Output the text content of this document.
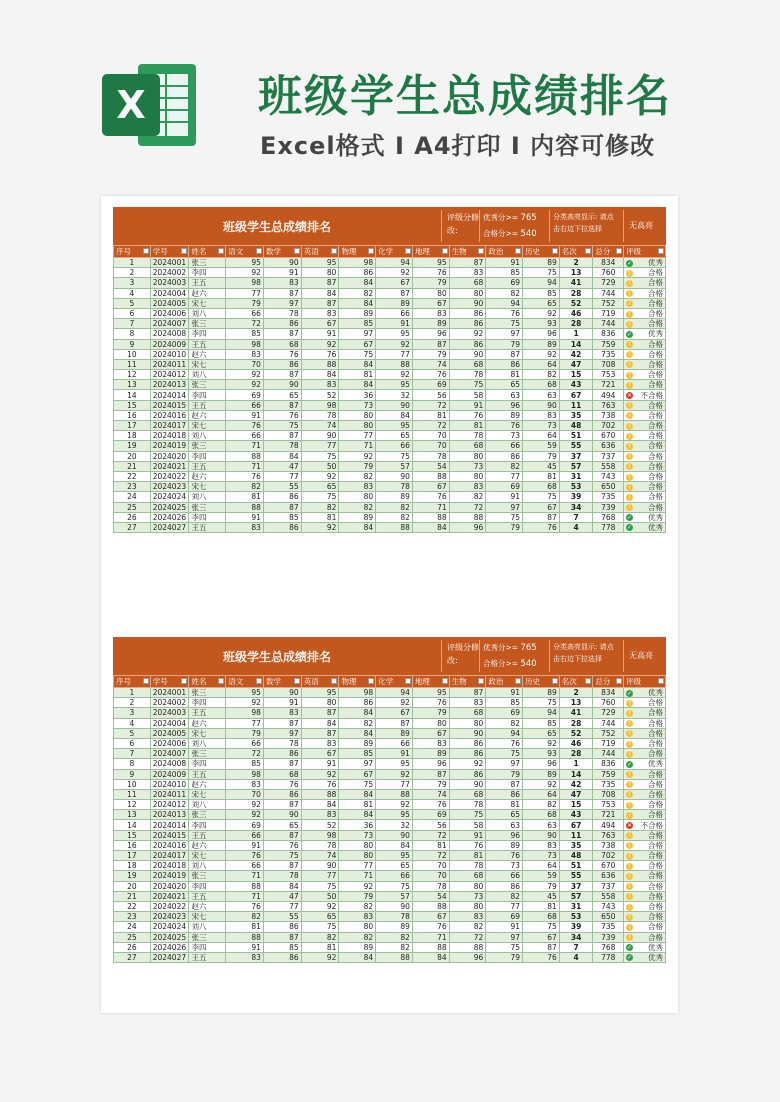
X	班级学生总成绩排名
Excel格式 I A4打印 I 内容可修改
班级学生总成绩排名
评级分修改:
优秀分>= 765
合格分>= 540
分类高亮显示: 请点
击右边下拉选择	无高亮
序号	学号	姓名	语文	数学	英语	物理	化学	地理	生物	政治	历史	名次	总分	评级

1	2024001	张三	95	90	95	98	94	95	87	91	89	2	834	✓ 优秀

2	2024002	李四	92	91	80	86	92	76	83	85	75	13	760	! 合格

3	2024003	王五	98	83	87	84	67	79	68	69	94	41	729	! 合格

4	2024004	赵六	77	87	84	82	87	80	80	82	85	28	744	! 合格

5	2024005	宋七	79	97	87	84	89	67	90	94	65	52	752	! 合格

6	2024006	刘八	66	78	83	89	66	83	86	76	92	46	719	! 合格

7	2024007	张三	72	86	67	85	91	89	86	75	93	28	744	! 合格

8	2024008	李四	85	87	91	97	95	96	92	97	96	1	836	✓ 优秀

9	2024009	王五	98	68	92	67	92	87	86	79	89	14	759	! 合格

10	2024010	赵六	83	76	76	75	77	79	90	87	92	42	735	! 合格

11	2024011	宋七	70	86	88	84	88	74	68	86	64	47	708	! 合格

12	2024012	刘八	92	87	84	81	92	76	78	81	82	15	753	! 合格

13	2024013	张三	92	90	83	84	95	69	75	65	68	43	721	! 合格

14	2024014	李四	69	65	52	36	32	56	58	63	63	67	494	✕ 不合格

15	2024015	王五	66	87	98	73	90	72	91	96	90	11	763	! 合格

16	2024016	赵六	91	76	78	80	84	81	76	89	83	35	738	! 合格

17	2024017	宋七	76	75	74	80	95	72	81	76	73	48	702	! 合格

18	2024018	刘八	66	87	90	77	65	70	78	73	64	51	670	! 合格

19	2024019	张三	71	78	77	71	66	70	68	66	59	55	636	! 合格

20	2024020	李四	88	84	75	92	75	78	80	86	79	37	737	! 合格

21	2024021	王五	71	47	50	79	57	54	73	82	45	57	558	! 合格

22	2024022	赵六	76	77	92	82	90	88	80	77	81	31	743	! 合格

23	2024023	宋七	82	55	65	83	78	67	83	69	68	53	650	! 合格

24	2024024	刘八	81	86	75	80	89	76	82	91	75	39	735	! 合格

25	2024025	张三	88	87	82	82	82	71	72	97	67	34	739	! 合格

26	2024026	李四	91	85	81	89	82	88	88	75	87	7	768	✓ 优秀

27	2024027	王五	83	86	92	84	88	84	96	79	76	4	778	✓ 优秀
班级学生总成绩排名
评级分修改:
优秀分>= 765
合格分>= 540
分类高亮显示: 请点
击右边下拉选择	无高亮
序号	学号	姓名	语文	数学	英语	物理	化学	地理	生物	政治	历史	名次	总分	评级

1	2024001	张三	95	90	95	98	94	95	87	91	89	2	834	✓ 优秀

2	2024002	李四	92	91	80	86	92	76	83	85	75	13	760	! 合格

3	2024003	王五	98	83	87	84	67	79	68	69	94	41	729	! 合格

4	2024004	赵六	77	87	84	82	87	80	80	82	85	28	744	! 合格

5	2024005	宋七	79	97	87	84	89	67	90	94	65	52	752	! 合格

6	2024006	刘八	66	78	83	89	66	83	86	76	92	46	719	! 合格

7	2024007	张三	72	86	67	85	91	89	86	75	93	28	744	! 合格

8	2024008	李四	85	87	91	97	95	96	92	97	96	1	836	✓ 优秀

9	2024009	王五	98	68	92	67	92	87	86	79	89	14	759	! 合格

10	2024010	赵六	83	76	76	75	77	79	90	87	92	42	735	! 合格

11	2024011	宋七	70	86	88	84	88	74	68	86	64	47	708	! 合格

12	2024012	刘八	92	87	84	81	92	76	78	81	82	15	753	! 合格

13	2024013	张三	92	90	83	84	95	69	75	65	68	43	721	! 合格

14	2024014	李四	69	65	52	36	32	56	58	63	63	67	494	✕ 不合格

15	2024015	王五	66	87	98	73	90	72	91	96	90	11	763	! 合格

16	2024016	赵六	91	76	78	80	84	81	76	89	83	35	738	! 合格

17	2024017	宋七	76	75	74	80	95	72	81	76	73	48	702	! 合格

18	2024018	刘八	66	87	90	77	65	70	78	73	64	51	670	! 合格

19	2024019	张三	71	78	77	71	66	70	68	66	59	55	636	! 合格

20	2024020	李四	88	84	75	92	75	78	80	86	79	37	737	! 合格

21	2024021	王五	71	47	50	79	57	54	73	82	45	57	558	! 合格

22	2024022	赵六	76	77	92	82	90	88	80	77	81	31	743	! 合格

23	2024023	宋七	82	55	65	83	78	67	83	69	68	53	650	! 合格

24	2024024	刘八	81	86	75	80	89	76	82	91	75	39	735	! 合格

25	2024025	张三	88	87	82	82	82	71	72	97	67	34	739	! 合格

26	2024026	李四	91	85	81	89	82	88	88	75	87	7	768	✓ 优秀

27	2024027	王五	83	86	92	84	88	84	96	79	76	4	778	✓ 优秀
